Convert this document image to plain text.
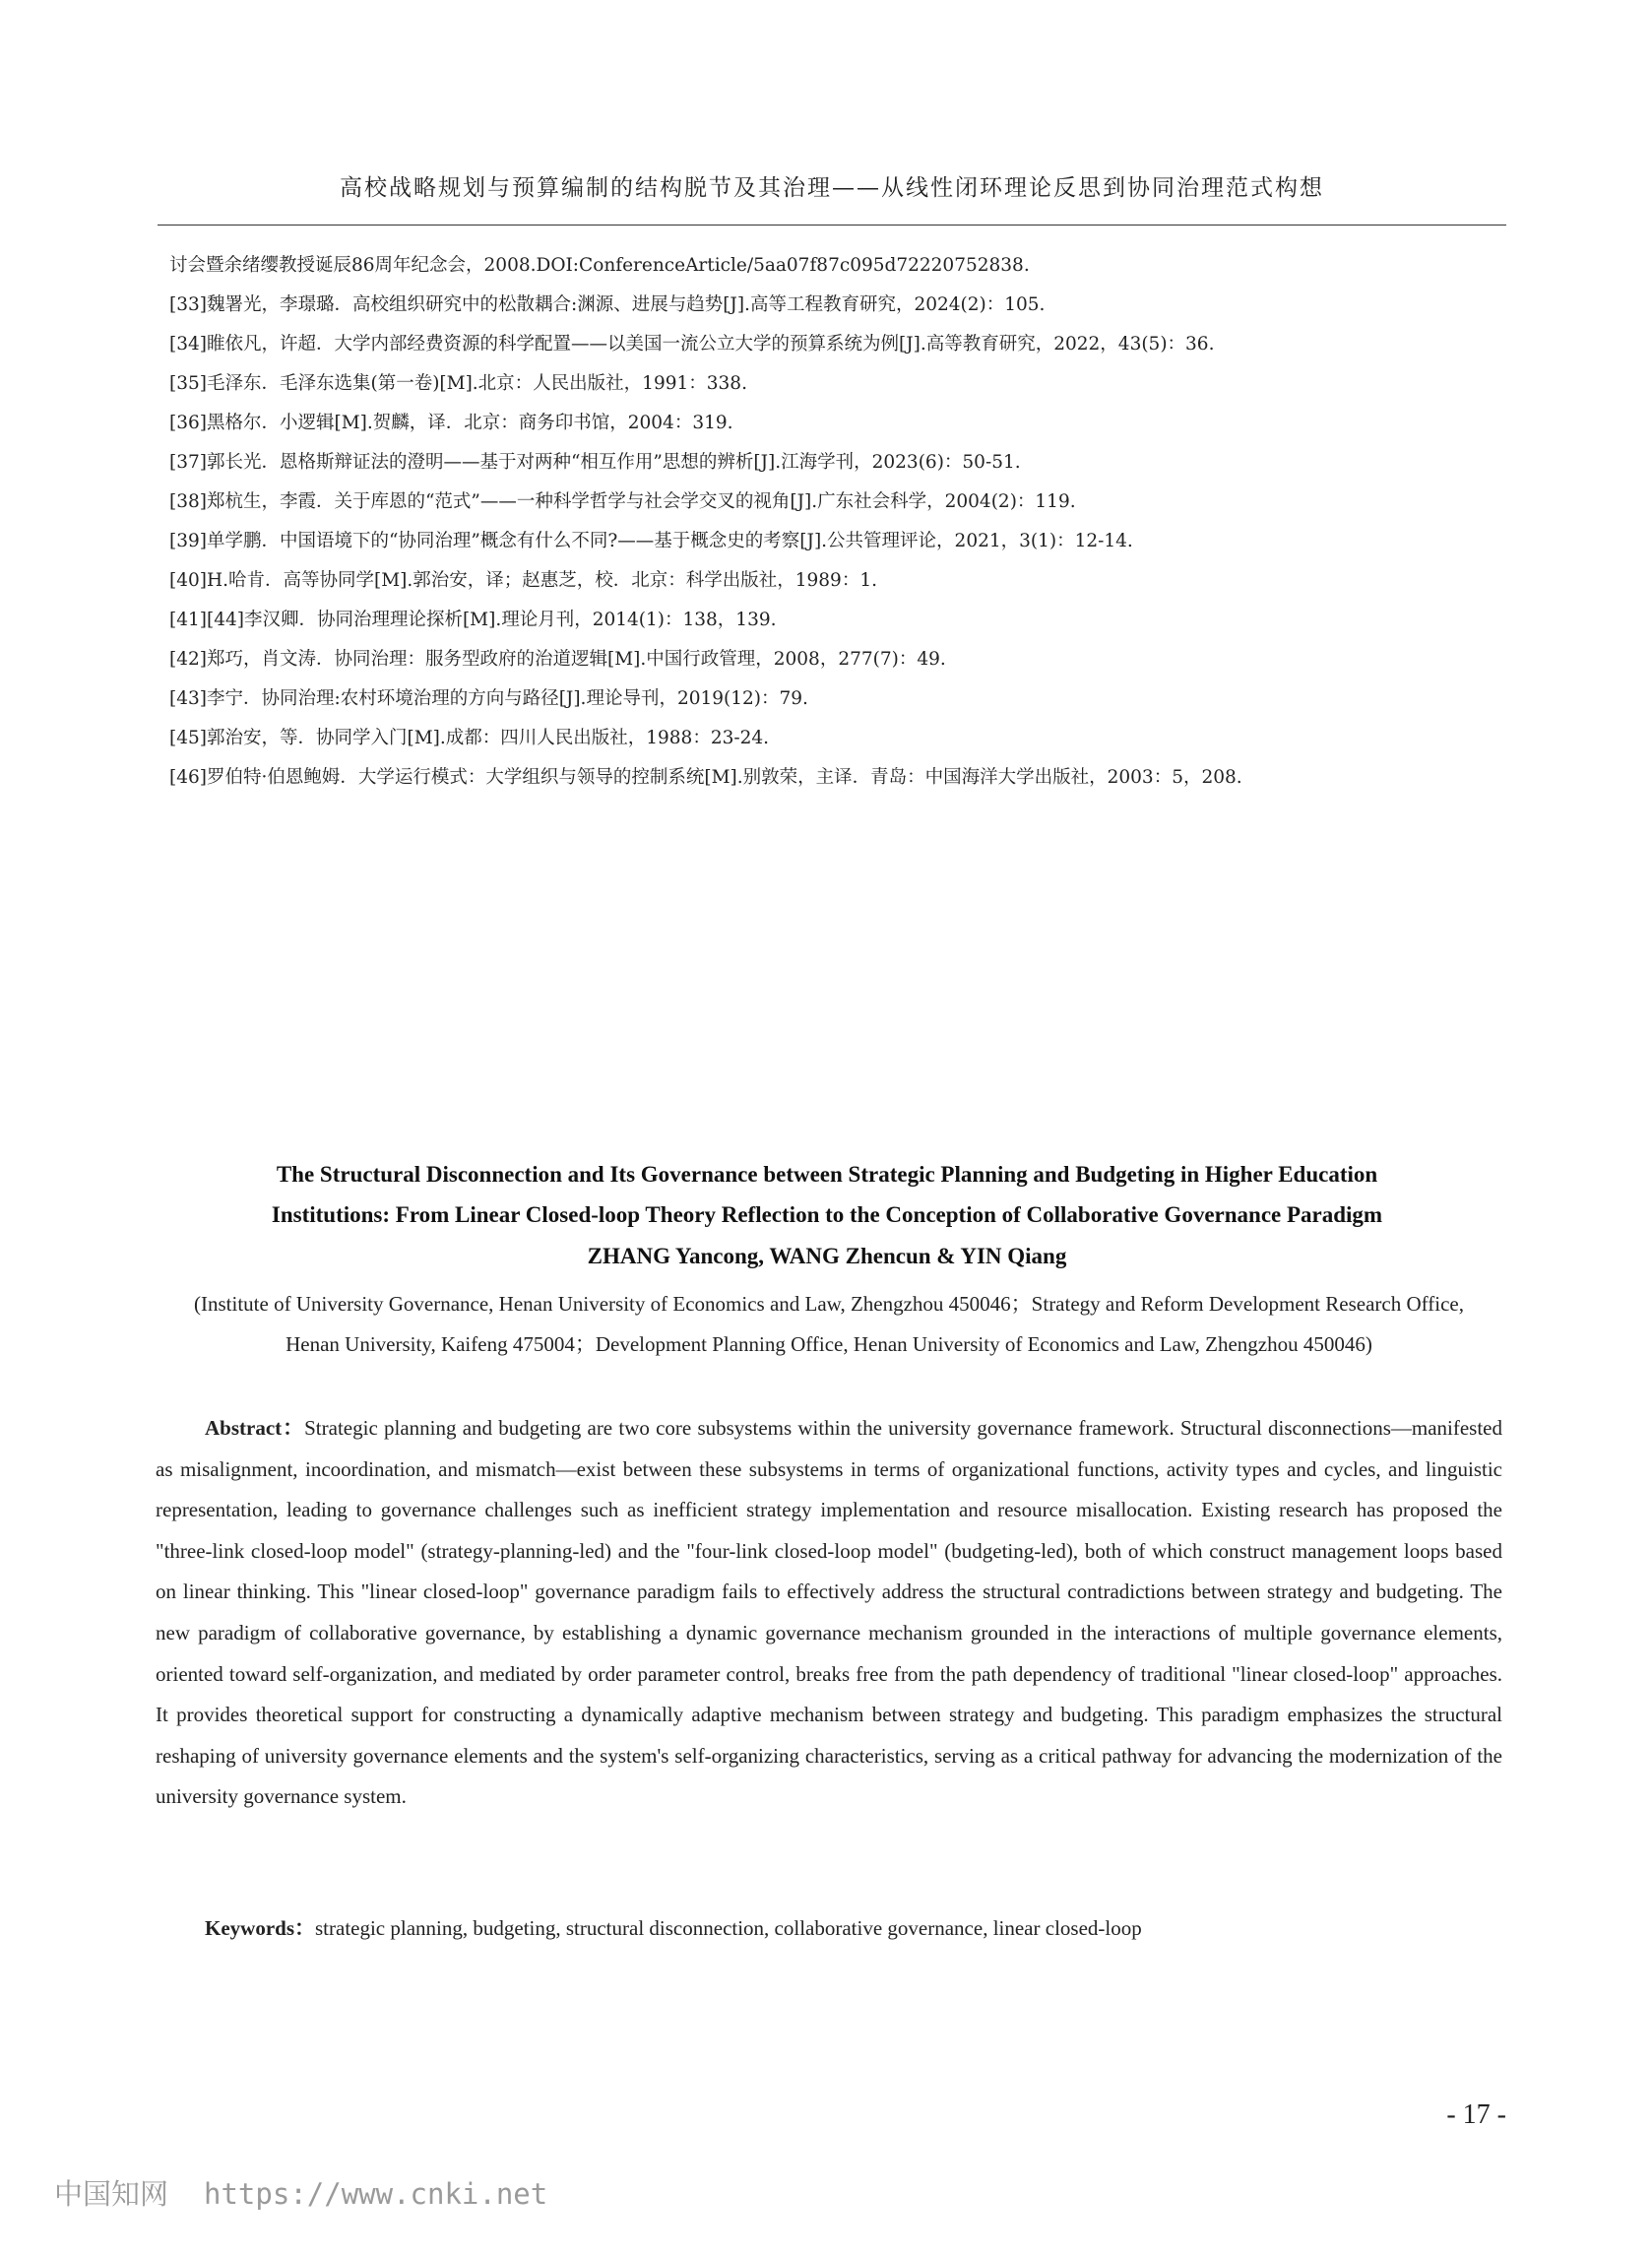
高校战略规划与预算编制的结构脱节及其治理——从线性闭环理论反思到协同治理范式构想
讨会暨余绪缨教授诞辰86周年纪念会，2008.DOI:ConferenceArticle/5aa07f87c095d72220752838.
[33]魏署光，李璟璐．高校组织研究中的松散耦合:渊源、进展与趋势[J].高等工程教育研究，2024(2)：105.
[34]睢依凡，许超．大学内部经费资源的科学配置——以美国一流公立大学的预算系统为例[J].高等教育研究，2022，43(5)：36.
[35]毛泽东．毛泽东选集(第一卷)[M].北京：人民出版社，1991：338.
[36]黑格尔．小逻辑[M].贺麟，译．北京：商务印书馆，2004：319.
[37]郭长光．恩格斯辩证法的澄明——基于对两种“相互作用”思想的辨析[J].江海学刊，2023(6)：50-51.
[38]郑杭生，李霞．关于库恩的“范式”——一种科学哲学与社会学交叉的视角[J].广东社会科学，2004(2)：119.
[39]单学鹏．中国语境下的“协同治理”概念有什么不同?——基于概念史的考察[J].公共管理评论，2021，3(1)：12-14.
[40]H.哈肯．高等协同学[M].郭治安，译；赵惠芝，校．北京：科学出版社，1989：1.
[41][44]李汉卿．协同治理理论探析[M].理论月刊，2014(1)：138，139.
[42]郑巧，肖文涛．协同治理：服务型政府的治道逻辑[M].中国行政管理，2008，277(7)：49.
[43]李宁．协同治理:农村环境治理的方向与路径[J].理论导刊，2019(12)：79.
[45]郭治安，等．协同学入门[M].成都：四川人民出版社，1988：23-24.
[46]罗伯特·伯恩鲍姆．大学运行模式：大学组织与领导的控制系统[M].别敦荣，主译．青岛：中国海洋大学出版社，2003：5，208.
The Structural Disconnection and Its Governance between Strategic Planning and Budgeting in Higher Education
Institutions: From Linear Closed-loop Theory Reflection to the Conception of Collaborative Governance Paradigm
ZHANG Yancong, WANG Zhencun & YIN Qiang
(Institute of University Governance, Henan University of Economics and Law, Zhengzhou 450046；Strategy and Reform Development Research Office, Henan University, Kaifeng 475004；Development Planning Office, Henan University of Economics and Law, Zhengzhou 450046)
Abstract：Strategic planning and budgeting are two core subsystems within the university governance framework. Structural disconnections—manifested as misalignment, incoordination, and mismatch—exist between these subsystems in terms of organizational functions, activity types and cycles, and linguistic representation, leading to governance challenges such as inefficient strategy implementation and resource misallocation. Existing research has proposed the "three-link closed-loop model" (strategy-planning-led) and the "four-link closed-loop model" (budgeting-led), both of which construct management loops based on linear thinking. This "linear closed-loop" governance paradigm fails to effectively address the structural contradictions between strategy and budgeting. The new paradigm of collaborative governance, by establishing a dynamic governance mechanism grounded in the interactions of multiple governance elements, oriented toward self-organization, and mediated by order parameter control, breaks free from the path dependency of traditional "linear closed-loop" approaches. It provides theoretical support for constructing a dynamically adaptive mechanism between strategy and budgeting. This paradigm emphasizes the structural reshaping of university governance elements and the system's self-organizing characteristics, serving as a critical pathway for advancing the modernization of the university governance system.
Keywords：strategic planning, budgeting, structural disconnection, collaborative governance, linear closed-loop
- 17 -
中国知网 https://www.cnki.net
